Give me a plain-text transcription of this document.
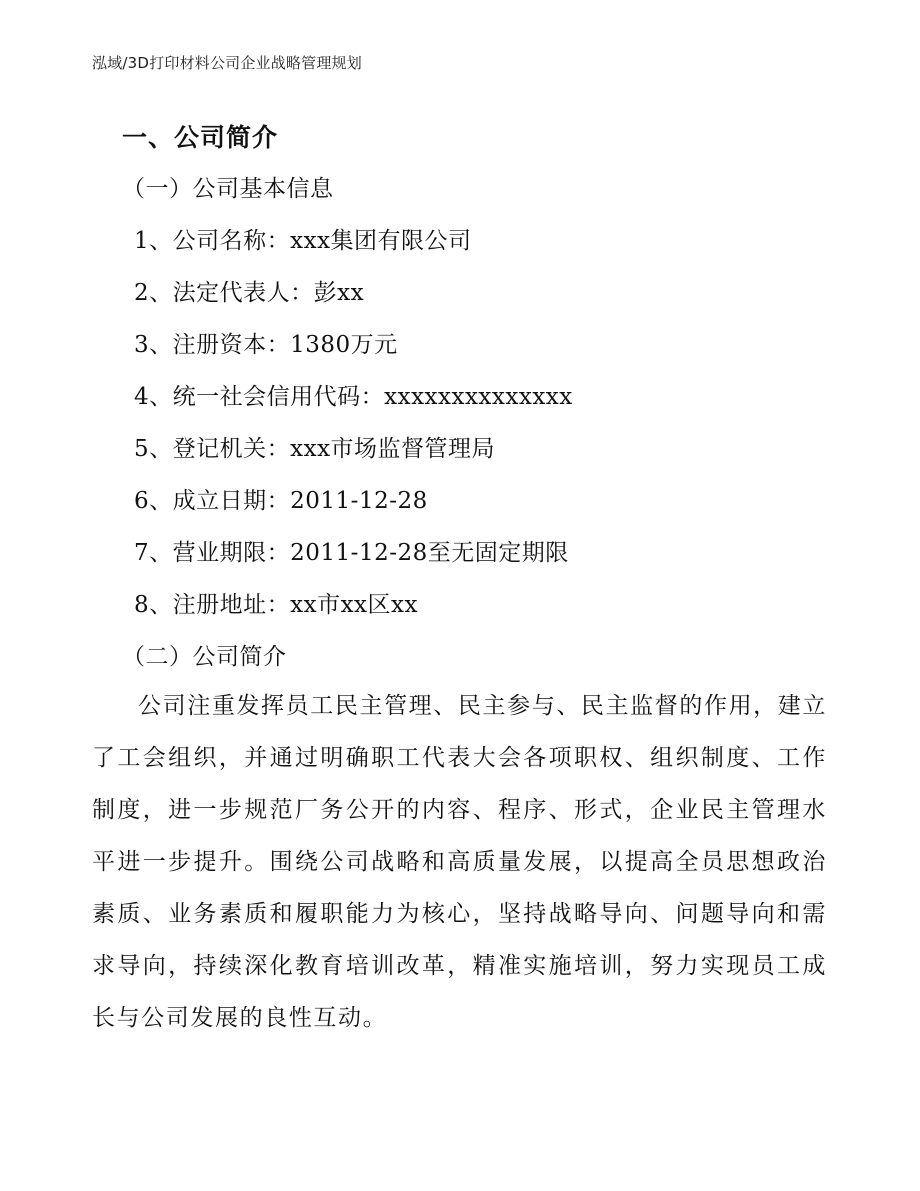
泓域/3D打印材料公司企业战略管理规划
一、公司简介
（一）公司基本信息
1、公司名称：xxx集团有限公司
2、法定代表人：彭xx
3、注册资本：1380万元
4、统一社会信用代码：xxxxxxxxxxxxxx
5、登记机关：xxx市场监督管理局
6、成立日期：2011-12-28
7、营业期限：2011-12-28至无固定期限
8、注册地址：xx市xx区xx
（二）公司简介
公司注重发挥员工民主管理、民主参与、民主监督的作用，建立了工会组织，并通过明确职工代表大会各项职权、组织制度、工作制度，进一步规范厂务公开的内容、程序、形式，企业民主管理水平进一步提升。围绕公司战略和高质量发展，以提高全员思想政治素质、业务素质和履职能力为核心，坚持战略导向、问题导向和需求导向，持续深化教育培训改革，精准实施培训，努力实现员工成长与公司发展的良性互动。
